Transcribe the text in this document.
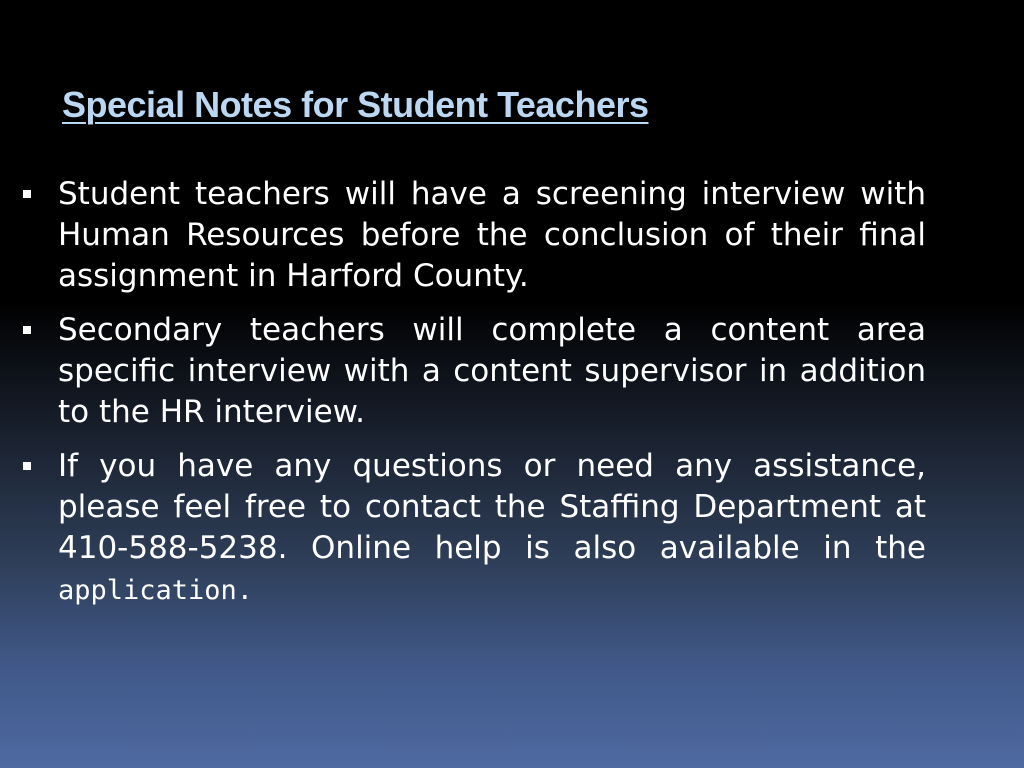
Special Notes for Student Teachers
Student teachers will have a screening interview with Human Resources before the conclusion of their final assignment in Harford County.
Secondary teachers will complete a content area specific interview with a content supervisor in addition to the HR interview.
If you have any questions or need any assistance, please feel free to contact the Staffing Department at 410-588-5238. Online help is also available in the application.
